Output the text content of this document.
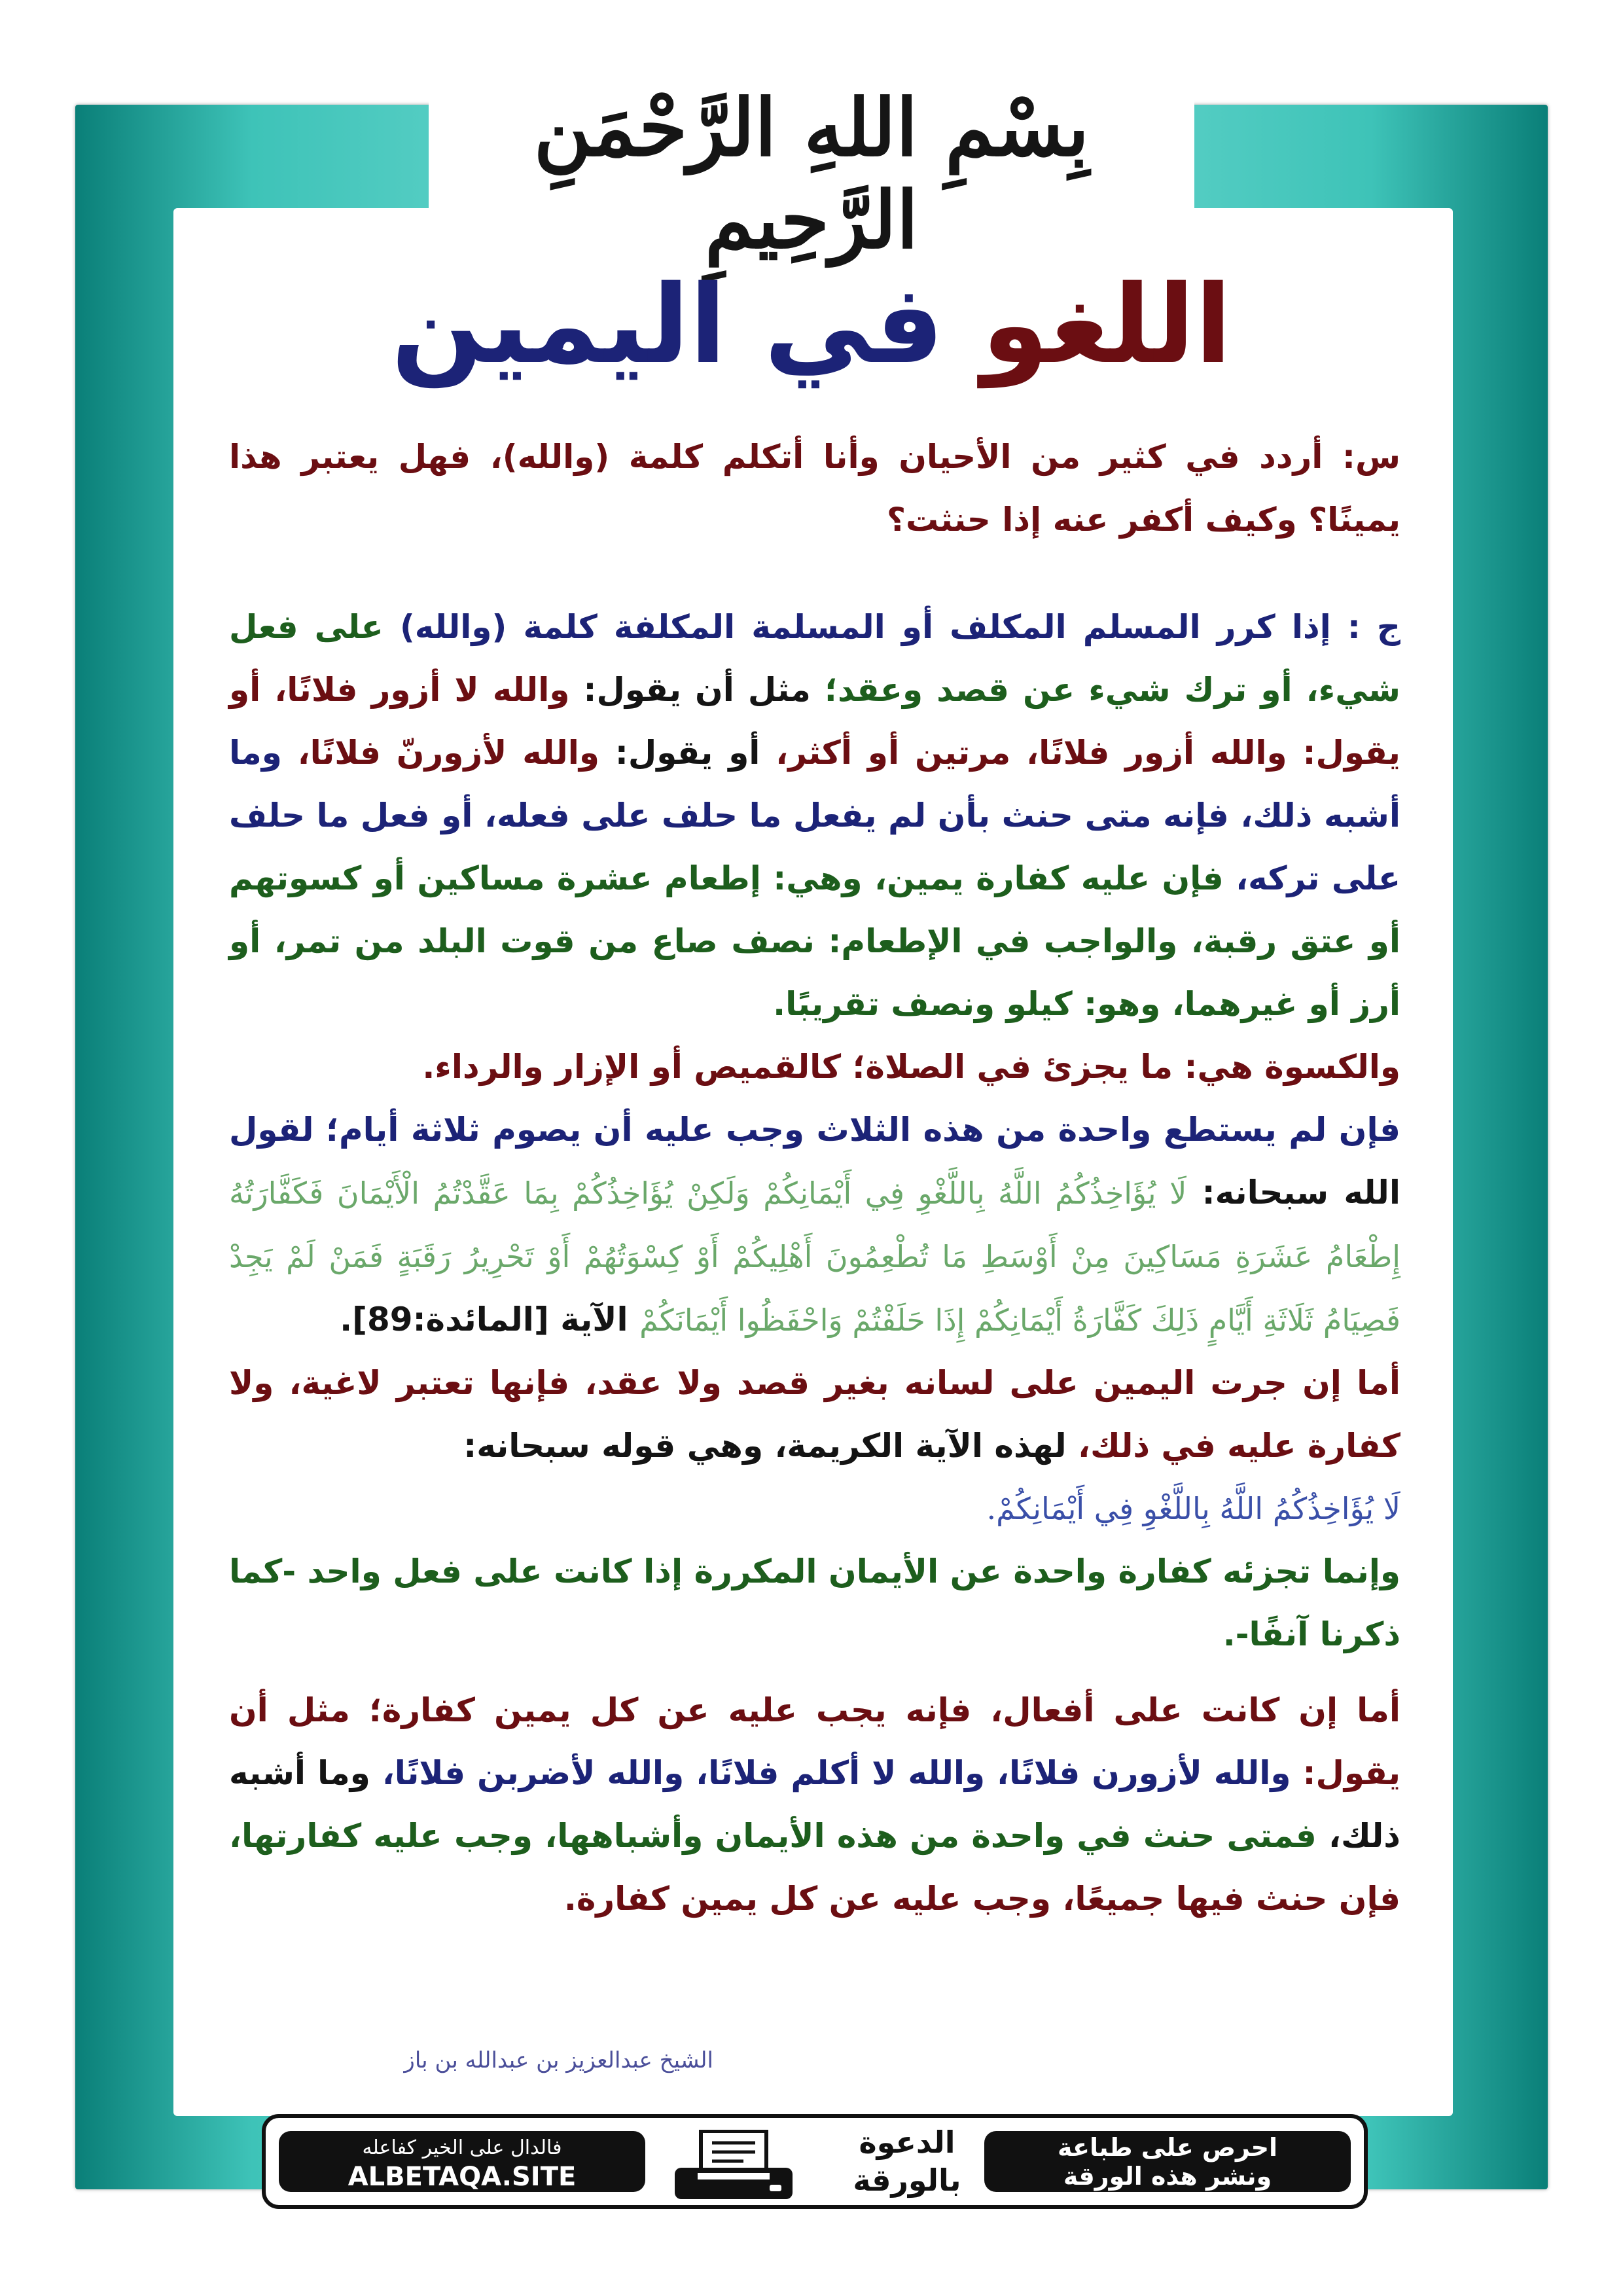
بِسْمِ اللهِ الرَّحْمَنِ الرَّحِيمِ
اللغو في اليمين

س: أردد في كثير من الأحيان وأنا أتكلم كلمة (والله)، فهل يعتبر هذا يمينًا؟ وكيف أكفر عنه إذا حنثت؟

ج : إذا كرر المسلم المكلف أو المسلمة المكلفة كلمة (والله) على فعل شيء، أو ترك شيء عن قصد وعقد؛ مثل أن يقول: والله لا أزور فلانًا، أو يقول: والله أزور فلانًا، مرتين أو أكثر، أو يقول: والله لأزورنّ فلانًا، وما أشبه ذلك، فإنه متى حنث بأن لم يفعل ما حلف على فعله، أو فعل ما حلف على تركه، فإن عليه كفارة يمين، وهي: إطعام عشرة مساكين أو كسوتهم أو عتق رقبة، والواجب في الإطعام: نصف صاع من قوت البلد من تمر، أو أرز أو غيرهما، وهو: كيلو ونصف تقريبًا.

والكسوة هي: ما يجزئ في الصلاة؛ كالقميص أو الإزار والرداء.

فإن لم يستطع واحدة من هذه الثلاث وجب عليه أن يصوم ثلاثة أيام؛ لقول الله سبحانه: لَا يُؤَاخِذُكُمُ اللَّهُ بِاللَّغْوِ فِي أَيْمَانِكُمْ وَلَكِنْ يُؤَاخِذُكُمْ بِمَا عَقَّدْتُمُ الْأَيْمَانَ فَكَفَّارَتُهُ إِطْعَامُ عَشَرَةِ مَسَاكِينَ مِنْ أَوْسَطِ مَا تُطْعِمُونَ أَهْلِيكُمْ أَوْ كِسْوَتُهُمْ أَوْ تَحْرِيرُ رَقَبَةٍ فَمَنْ لَمْ يَجِدْ فَصِيَامُ ثَلَاثَةِ أَيَّامٍ ذَلِكَ كَفَّارَةُ أَيْمَانِكُمْ إِذَا حَلَفْتُمْ وَاحْفَظُوا أَيْمَانَكُمْ الآية [المائدة:89].

أما إن جرت اليمين على لسانه بغير قصد ولا عقد، فإنها تعتبر لاغية، ولا كفارة عليه في ذلك، لهذه الآية الكريمة، وهي قوله سبحانه:

لَا يُؤَاخِذُكُمُ اللَّهُ بِاللَّغْوِ فِي أَيْمَانِكُمْ.

وإنما تجزئه كفارة واحدة عن الأيمان المكررة إذا كانت على فعل واحد -كما ذكرنا آنفًا-.

أما إن كانت على أفعال، فإنه يجب عليه عن كل يمين كفارة؛ مثل أن يقول: والله لأزورن فلانًا، والله لا أكلم فلانًا، والله لأضربن فلانًا، وما أشبه ذلك، فمتى حنث في واحدة من هذه الأيمان وأشباهها، وجب عليه كفارتها، فإن حنث فيها جميعًا، وجب عليه عن كل يمين كفارة.

الشيخ عبدالعزيز بن عبدالله بن باز
فالدال على الخير كفاعله
ALBETAQA.SITE
الدعوة
بالورقة
احرص على طباعة
ونشر هذه الورقة
